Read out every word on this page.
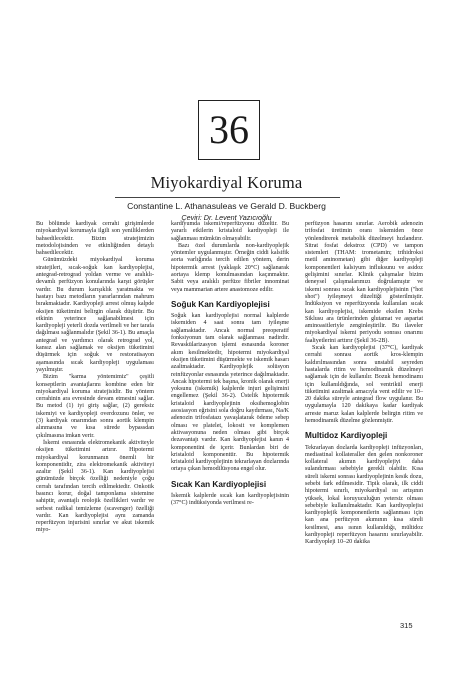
36
Miyokardiyal Koruma
Constantine L. Athanasuleas ve Gerald D. Buckberg
Çeviri: Dr. Levent Yazıcıoğlu

Bu bölümde kardiyak cerrahi girişimlerde miyokardiyal korumayla ilgili son yeniliklerden bahsedilecektir. Bizim stratejimizin metodolojisinden ve etkinliğinden detaylı bahsedilecektir.

Günümüzdeki miyokardiyal koruma stratejileri, sıcak-soğuk kan kardiyoplejisi, antegrad-retrograd yoldan verme ve aralıklı-devamlı perfüzyon konularında karşıt görüşler vardır. Bu durum karışıklık yaratmakta ve hastayı bazı metodların yararlarından mahrum bırakmaktadır. Kardiyopleji arrest olmuş kalpde oksijen tüketimini belirgin olarak düşürür. Bu etkinin yeterince sağlanabilmesi için kardiyopleji yeterli dozda verilmeli ve her tarafa dağılması sağlanmalıdır (Şekil 36-1). Bu amaçla antegrad ve yardımcı olarak retrograd yol, kansız alan sağlamak ve oksijen tüketimini düşürmek için soğuk ve restoratisayon aşamasında sıcak kardiyopleji uygulaması yayılmıştır.

Bizim "karma yöntemimiz" çeşitli konseptlerin avantajlarını kombine eden bir miyokardiyal koruma stratejisidir. Bu yöntem cerrahinin ara evresinde devam etmesini sağlar. Bu metod (1) iyi giriş sağlar, (2) gereksiz iskemiyi ve kardiyopleji overdozunu önler, ve (3) kardiyak onarımdan sonra aortik klempin alınmasına ve kısa sürede bypassdan çıkılmasına imkan verir.

İskemi esnasında elektromekanik aktiviteyle oksijen tüketimini artırır. Hipotermi miyokardiyal korunmanın önemli bir komponentidir, zira elektromekanik aktiviteyi azaltır (Şekil 36-1). Kan kardiyoplejisi günümüzde birçok özelliği nedeniyle çoğu cerrah tarafından tercih edilmektedir. Onkotik basıncı korur, doğal tamponlama sistemine sahiptir, avantajlı reolojik özellikleri vardır ve serbest radikal temizleme (scavenger) özelliği vardır. Kan kardiyoplejisi aynı zamanda reperfüzyon injurisini sınırlar ve akut iskemik miyo-

kardiyumda iskemi/reperfüzyonu düzeltir. Bu yararlı etkilerin kristaloid kardiyopleji ile sağlanması mümkün olmayabilir.

Bazı özel durumlarda non-kardiyoplejik yöntemler uygulanmıştır. Örneğin ciddi kalsifik aorta varlığında tercih edilen yöntem, derin hipotermik arrest (yaklaşık 20°C) sağlanarak aortaya klemp konulmasından kaçınmaktır. Sabit veya aralıklı perfüze fibriler innominat veya mammarian artere anastomoze edilir.

Soğuk Kan Kardiyoplejisi

Soğuk kan kardiyoplejisi normal kalplerde iskemiden 4 saat sonra tam iyileşme sağlamaktadır. Ancak normal preoperatif fonksiyonun tam olarak sağlanması nadirdir. Revaskülarizasyon işlemi esnasında koroner akım kesilmektedir, hipotermi miyokardiyal oksijen tüketimini düşürmekte ve iskemik hasarı azaltmaktadır. Kardiyoplejik solüsyon reinfüzyonlar esnasında yeterince dağılmaktadır. Ancak hipotermi tek başına, kronik olarak enerji yoksunu (iskemik) kalplerde injuri gelişimini engellemez (Şekil 36-2). Üstelik hipotermik kristaloid kardiyoplejinin oksihemoglobin asosiasyon eğrisini sola doğru kaydırması, Na/K adenozin trifosfatazı yavaşlatarak ödeme sebep olması ve platelet, lokosit ve komplemen aktivasyonuna neden olması gibi birçok dezavantajı vardır. Kan kardiyoplejisi kanın 4 komponentini de içerir. Bunlardan biri de kristaloid komponenttir. Bu hipotermik kristaloid kardiyoplejinin tekrarlayan dozlarında ortaya çıkan hemodilüsyona engel olur.

Sıcak Kan Kardiyoplejisi

İskemik kalplerde sıcak kan kardiyoplejisinin (37°C) indüksiyonda verilmesi re-

perfüzyon hasarını sınırlar. Aerobik adenozin trifosfat üretimin oranı iskemiden önce yönlendirerek metabolik düzelmeyi hızlandırır. Sitrat fosfat dekstroz (CPD) ve tampon sistemleri (THAM: trometamin; trihidroksi metil aminometan) gibi diğer kardiyopleji komponentleri kalsiyum influksunu ve asidoz gelişimini sınırlar. Klinik çalışmalar bizim deneysel çalışmalarımızı doğrulamıştır ve iskemi sonrası sıcak kan kardiyoplejisinin ("hot shot") iyileşmeyi düzeltiği gösterilmiştir. İndüksiyon ve reperfüzyonda kullanılan sıcak kan kardiyoplejisi, iskemide eksilen Krebs Siklusu ara ürünlerinden glutamat ve aspartat aminoasitleriyle zenginleştirilir. Bu ilaveler miyokardiyal iskemi periyodu sonrası onarımı faaliyetlerini arttırır (Şekil 36-2B).

Sıcak kan kardiyoplejisi (37°C), kardiyak cerrahi sonrası aortik kros-klempin kaldırılmasından sonra unstabil seyreden hastalarda ritim ve hemodinamik düzelmeyi sağlamak için de kullanılır. Bozuk hemodinamı için kullanıldığında, sol ventrikül enerji tüketimini azaltmak amacıyla vent edilir ve 10–20 dakika süreyle antegrad flow uygulanır. Bu uygulamayla 120 dakikaya kadar kardiyak arreste maruz kalan kalplerde belirgin ritim ve hemodinamik düzelme gözlenmiştir.

Multidoz Kardiyopleji

Tekrarlayan dozlarda kardiyopleji infüzyonları, mediastinal kollateraller den gelen nonkoroner kollateral akımın kardiyoplejiyi daha sulandırması sebebiyle gerekli olabilir. Kısa süreli iskemi sonrası kardiyoplejinin kesik dozu, sebebi fark edilmesidir. Tipik olarak, ilk ciddi hipotermi sınırlı, miyokardiyal ısı artışının yüksek, lokal koruyuculuğun yetersiz olması sebebiyle kullanılmaktadır. Kan kardiyoplejisi kardiyoplejik komponentlerin sağlanması için kan ana perfüzyon akımının kısa süreli kesilmesi, ana ısının kullanıldığı, mültidoz kardiyopleji reperfüzyon hasarını sınırlayabilir. Kardiyopleji 10–20 dakika

315
